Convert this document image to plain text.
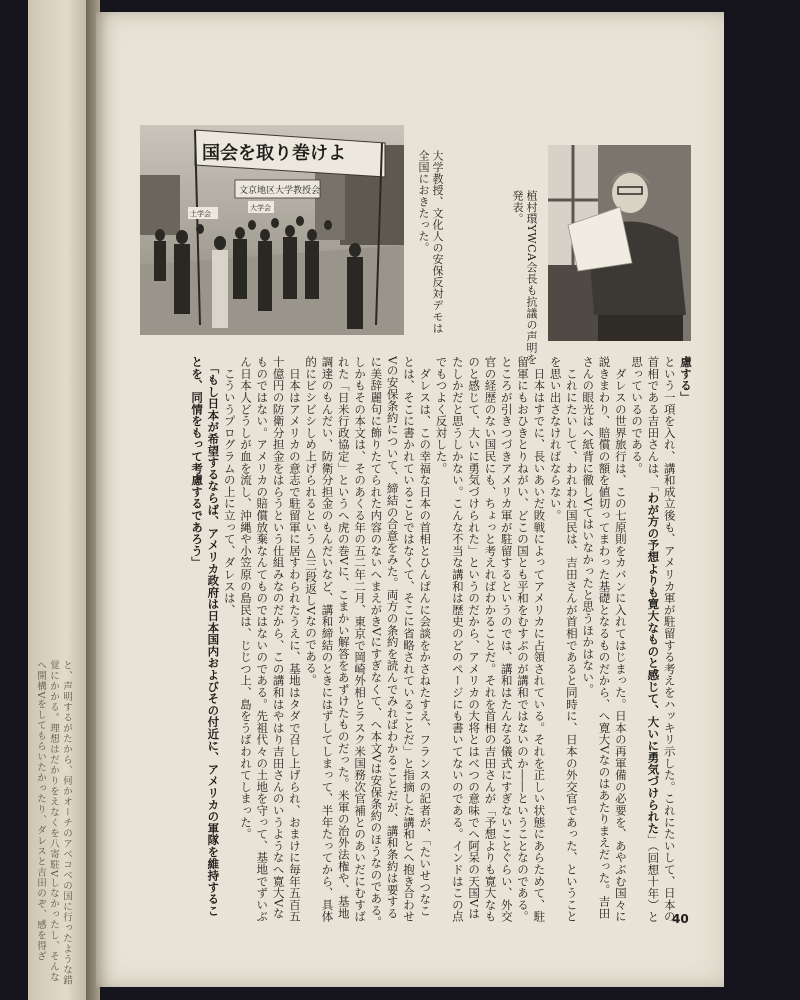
と、声明するがたから、何かオーチのアベコベの国に行ったような錯覚にかかる。理想はだかりをえなくを八寄駐Vしなかったし、そんなへ開構Vをしてもらいたかったり、ダレスと吉田のぞ、感を得ざ
国会を取り巻けよ
文京地区大学教授会
土学会
大学会	大学教授、文化人の安保反対デモは全国におきたった。	植村環YWCA会長も抗議の声明を発表。

慮する」

という一項を入れ、講和成立後も、アメリカ軍が駐留する考えをハッキリ示した。これにたいして、日本の首相である吉田さんは、「わが方の予想よりも寛大なものと感じて、大いに勇気づけられた」（回想十年）と思っているのである。

　ダレスの世界旅行は、この七原則をカバンに入れてはじまった。日本の再軍備の必要を、あやぶむ国々に説きまわり、賠償の額を値切ってまわった基礎となるものだから、へ寛大Vなのはあたりまえだった。吉田さんの眼光はへ紙背に徹しVてはいなかったと思うほかはない。

　これにたいして、われわれ国民は、吉田さんが首相であると同時に、日本の外交官であった、ということを思い出さなければならない。

　日本はすでに、長いあいだ敗戦によってアメリカに占領されている。それを正しい状態にあらためて、駐留軍にもおひきとりねがい、どこの国とも平和をむすぶのが講和ではないのか――ということなのである。ところが引きつづきアメリカ軍が駐留するというのでは、講和はたんなる儀式にすぎないことぐらい、外交官の経歴のない国民にも、ちょっと考えればわかることだ。それを首相の吉田さんが「予想よりも寛大なものと感じて、大いに勇気づけられた」というのだから、アメリカの大将とはべつの意味でへ阿呆の天国Vはたしかだと思うしかない。こんな不当な講和は歴史のどのページにも書いてないのである。インドはこの点でもつよく反対した。

　ダレスは、この幸福な日本の首相とひんぱんに会談をかさねたすえ、フランスの記者が、「たいせつなことは、そこに書かれていることではなくて、そこに省略されていることだ」と指摘した講和とへ抱き合わせVの安保条約について、締結の合意をみた。両方の条約を読んでみればわかることだが、講和条約は要するに美辞麗句に飾りたてられた内容のないへまえがきVにすぎなくて、へ本文Vは安保条約のほうなのである。しかもその本文は、そのあくる年の五二年二月、東京で岡崎外相とラスク米国務次官補とのあいだにむすばれた「日米行政協定」というへ虎の巻Vに、こまかい解答をあずけたものだった。米軍の治外法権や、基地調達のもんだい、防衛分担金のもんだいなど、講和締結のときにはずしてしまって、半年たってから、具体的にビシビシしめ上げられるという△三段返しVなのである。

　日本はアメリカの意志で駐留軍に居すわられたうえに、基地はタダで召し上げられ、おまけに毎年五百五十億円の防衛分担金をはらうという仕組みなのだから、この講和はやはり吉田さんのいうようなへ寛大Vなものではない。アメリカの賠償放棄なんてものではないのである。先祖代々の土地を守って、基地でずいぶん日本人どうしが血を流し、沖縄や小笠原の島民は、じじつ上、島をうばわれてしまった。

　こういうプログラムの上に立って、ダレスは、

　「もし日本が希望するならば、アメリカ政府は日本国内およびその付近に、アメリカの軍隊を維持することを、同情をもって考慮するであろう」

40
